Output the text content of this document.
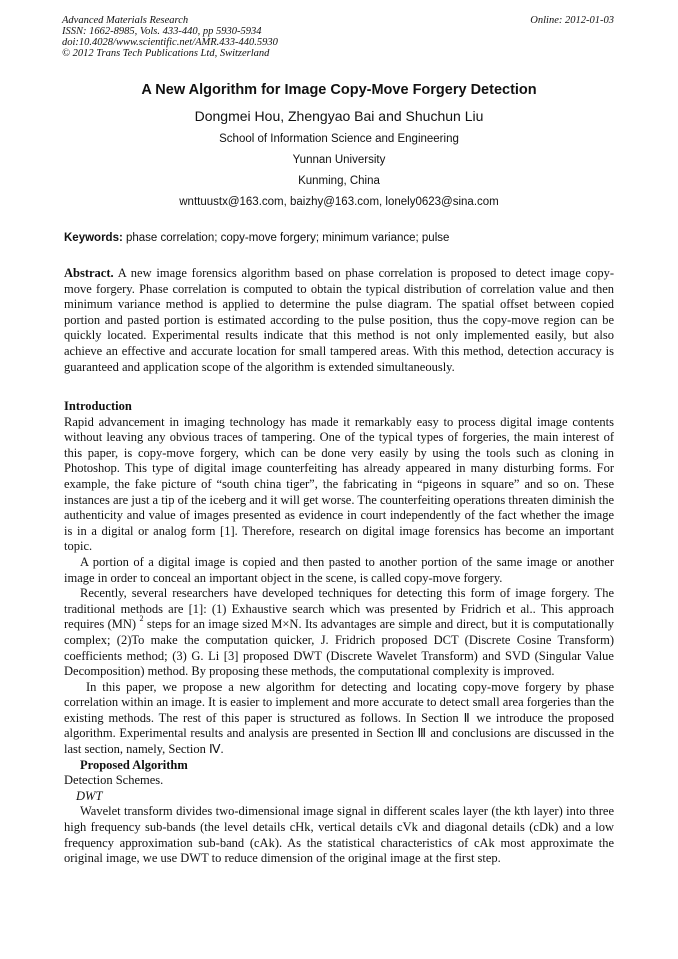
Advanced Materials Research
ISSN: 1662-8985, Vols. 433-440, pp 5930-5934
doi:10.4028/www.scientific.net/AMR.433-440.5930
© 2012 Trans Tech Publications Ltd, Switzerland
Online: 2012-01-03
A New Algorithm for Image Copy-Move Forgery Detection
Dongmei Hou, Zhengyao Bai and Shuchun Liu
School of Information Science and Engineering
Yunnan University
Kunming, China
wnttuustx@163.com, baizhy@163.com, lonely0623@sina.com
Keywords: phase correlation; copy-move forgery; minimum variance; pulse

Abstract. A new image forensics algorithm based on phase correlation is proposed to detect image copy-move forgery. Phase correlation is computed to obtain the typical distribution of correlation value and then minimum variance method is applied to determine the pulse diagram. The spatial offset between copied portion and pasted portion is estimated according to the pulse position, thus the copy-move region can be quickly located. Experimental results indicate that this method is not only implemented easily, but also achieve an effective and accurate location for small tampered areas. With this method, detection accuracy is guaranteed and application scope of the algorithm is extended simultaneously.

Introduction

Rapid advancement in imaging technology has made it remarkably easy to process digital image contents without leaving any obvious traces of tampering. One of the typical types of forgeries, the main interest of this paper, is copy-move forgery, which can be done very easily by using the tools such as cloning in Photoshop. This type of digital image counterfeiting has already appeared in many disturbing forms. For example, the fake picture of “south china tiger”, the fabricating in “pigeons in square” and so on. These instances are just a tip of the iceberg and it will get worse. The counterfeiting operations threaten diminish the authenticity and value of images presented as evidence in court independently of the fact whether the image is in a digital or analog form [1]. Therefore, research on digital image forensics has become an important topic.

A portion of a digital image is copied and then pasted to another portion of the same image or another image in order to conceal an important object in the scene, is called copy-move forgery.

Recently, several researchers have developed techniques for detecting this form of image forgery. The traditional methods are [1]: (1) Exhaustive search which was presented by Fridrich et al.. This approach requires (MN) $^2$ steps for an image sized M×N. Its advantages are simple and direct, but it is computationally complex; (2)To make the computation quicker, J. Fridrich proposed DCT (Discrete Cosine Transform) coefficients method; (3) G. Li [3] proposed DWT (Discrete Wavelet Transform) and SVD (Singular Value Decomposition) method. By proposing these methods, the computational complexity is improved.

In this paper, we propose a new algorithm for detecting and locating copy-move forgery by phase correlation within an image. It is easier to implement and more accurate to detect small area forgeries than the existing methods. The rest of this paper is structured as follows. In Section Ⅱ we introduce the proposed algorithm. Experimental results and analysis are presented in Section Ⅲ and conclusions are discussed in the last section, namely, Section Ⅳ.

Proposed Algorithm

Detection Schemes.

DWT

Wavelet transform divides two-dimensional image signal in different scales layer (the kth layer) into three high frequency sub-bands (the level details cHk, vertical details cVk and diagonal details (cDk) and a low frequency approximation sub-band (cAk). As the statistical characteristics of cAk most approximate the original image, we use DWT to reduce dimension of the original image at the first step.
